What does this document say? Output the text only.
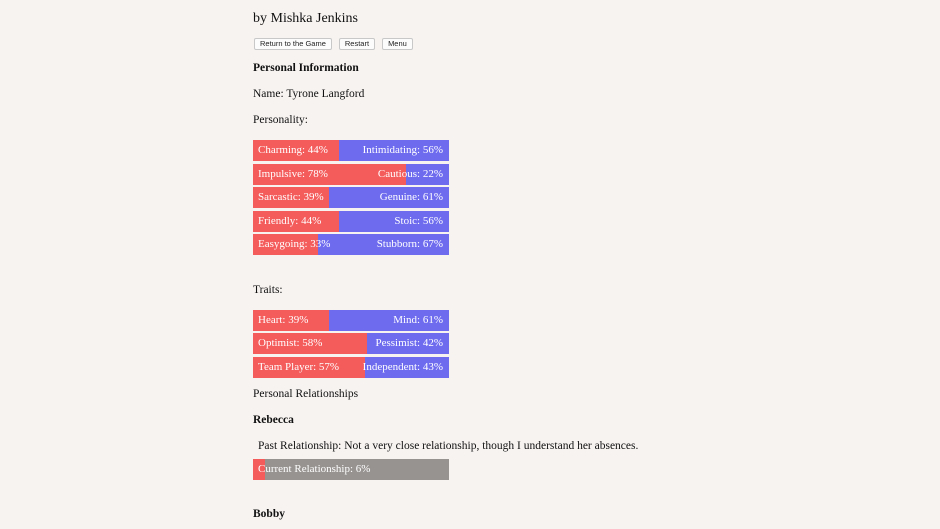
by Mishka Jenkins
Return to the Game	Restart	Menu
Personal Information
Name: Tyrone Langford
Personality:
Charming: 44%	Intimidating: 56%
Impulsive: 78%	Cautious: 22%
Sarcastic: 39%	Genuine: 61%
Friendly: 44%	Stoic: 56%
Easygoing: 33%	Stubborn: 67%
Traits:
Heart: 39%	Mind: 61%
Optimist: 58%	Pessimist: 42%
Team Player: 57% Independent: 43%
Personal Relationships
Rebecca
Past Relationship: Not a very close relationship, though I understand her absences.
Current Relationship: 6%
Bobby
